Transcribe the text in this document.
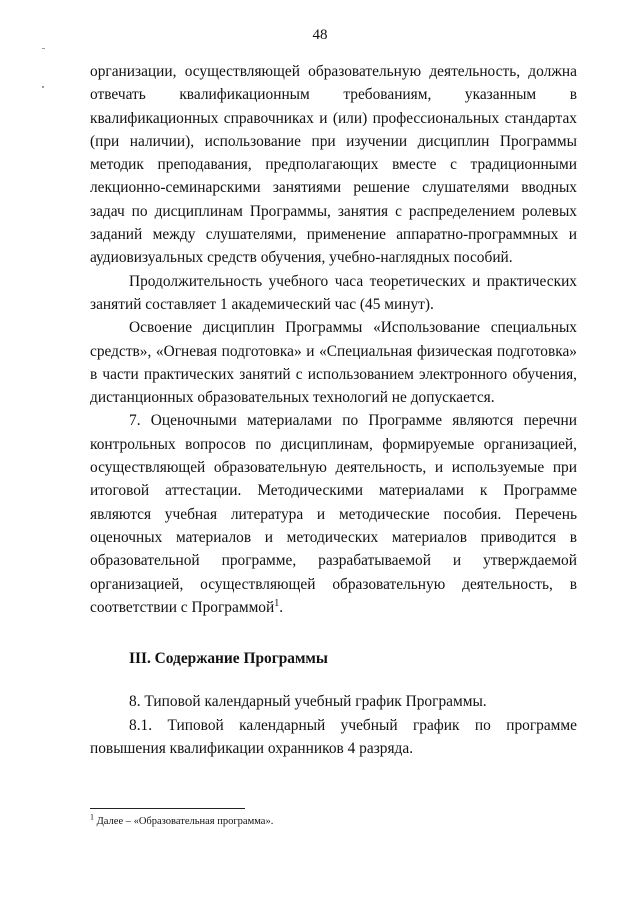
48

организации, осуществляющей образовательную деятельность, должна отвечать квалификационным требованиям, указанным в квалификационных справочниках и (или) профессиональных стандартах (при наличии), использование при изучении дисциплин Программы методик преподавания, предполагающих вместе с традиционными лекционно-семинарскими занятиями решение слушателями вводных задач по дисциплинам Программы, занятия с распределением ролевых заданий между слушателями, применение аппаратно-программных и аудиовизуальных средств обучения, учебно-наглядных пособий.

Продолжительность учебного часа теоретических и практических занятий составляет 1 академический час (45 минут).

Освоение дисциплин Программы «Использование специальных средств», «Огневая подготовка» и «Специальная физическая подготовка» в части практических занятий с использованием электронного обучения, дистанционных образовательных технологий не допускается.

7. Оценочными материалами по Программе являются перечни контрольных вопросов по дисциплинам, формируемые организацией, осуществляющей образовательную деятельность, и используемые при итоговой аттестации. Методическими материалами к Программе являются учебная литература и методические пособия. Перечень оценочных материалов и методических материалов приводится в образовательной программе, разрабатываемой и утверждаемой организацией, осуществляющей образовательную деятельность, в соответствии с Программой$^1$.

III. Содержание Программы

8. Типовой календарный учебный график Программы.

8.1. Типовой календарный учебный график по программе повышения квалификации охранников 4 разряда.

$^1$ Далее – «Образовательная программа».
